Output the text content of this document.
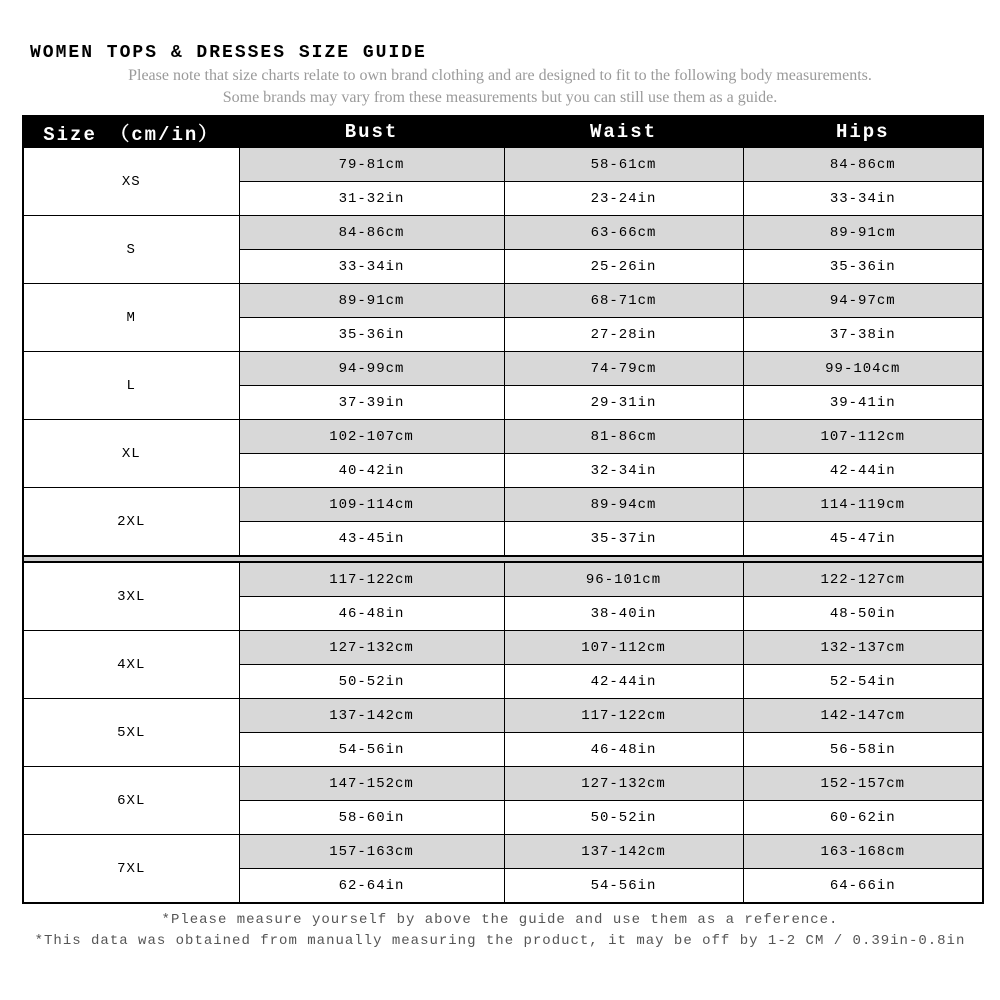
WOMEN TOPS & DRESSES SIZE GUIDE

Please note that size charts relate to own brand clothing and are designed to fit to the following body measurements.

Some brands may vary from these measurements but you can still use them as a guide.

Size （cm/in）	Bust	Waist	Hips
XS	79-81cm	58-61cm	84-86cm
	31-32in	23-24in	33-34in
S	84-86cm	63-66cm	89-91cm
	33-34in	25-26in	35-36in
M	89-91cm	68-71cm	94-97cm
	35-36in	27-28in	37-38in
L	94-99cm	74-79cm	99-104cm
	37-39in	29-31in	39-41in
XL	102-107cm	81-86cm	107-112cm
	40-42in	32-34in	42-44in
2XL	109-114cm	89-94cm	114-119cm
	43-45in	35-37in	45-47in

3XL	117-122cm	96-101cm	122-127cm
	46-48in	38-40in	48-50in
4XL	127-132cm	107-112cm	132-137cm
	50-52in	42-44in	52-54in
5XL	137-142cm	117-122cm	142-147cm
	54-56in	46-48in	56-58in
6XL	147-152cm	127-132cm	152-157cm
	58-60in	50-52in	60-62in
7XL	157-163cm	137-142cm	163-168cm
	62-64in	54-56in	64-66in

*Please measure yourself by above the guide and use them as a reference.

*This data was obtained from manually measuring the product, it may be off by 1-2 CM / 0.39in-0.8in
